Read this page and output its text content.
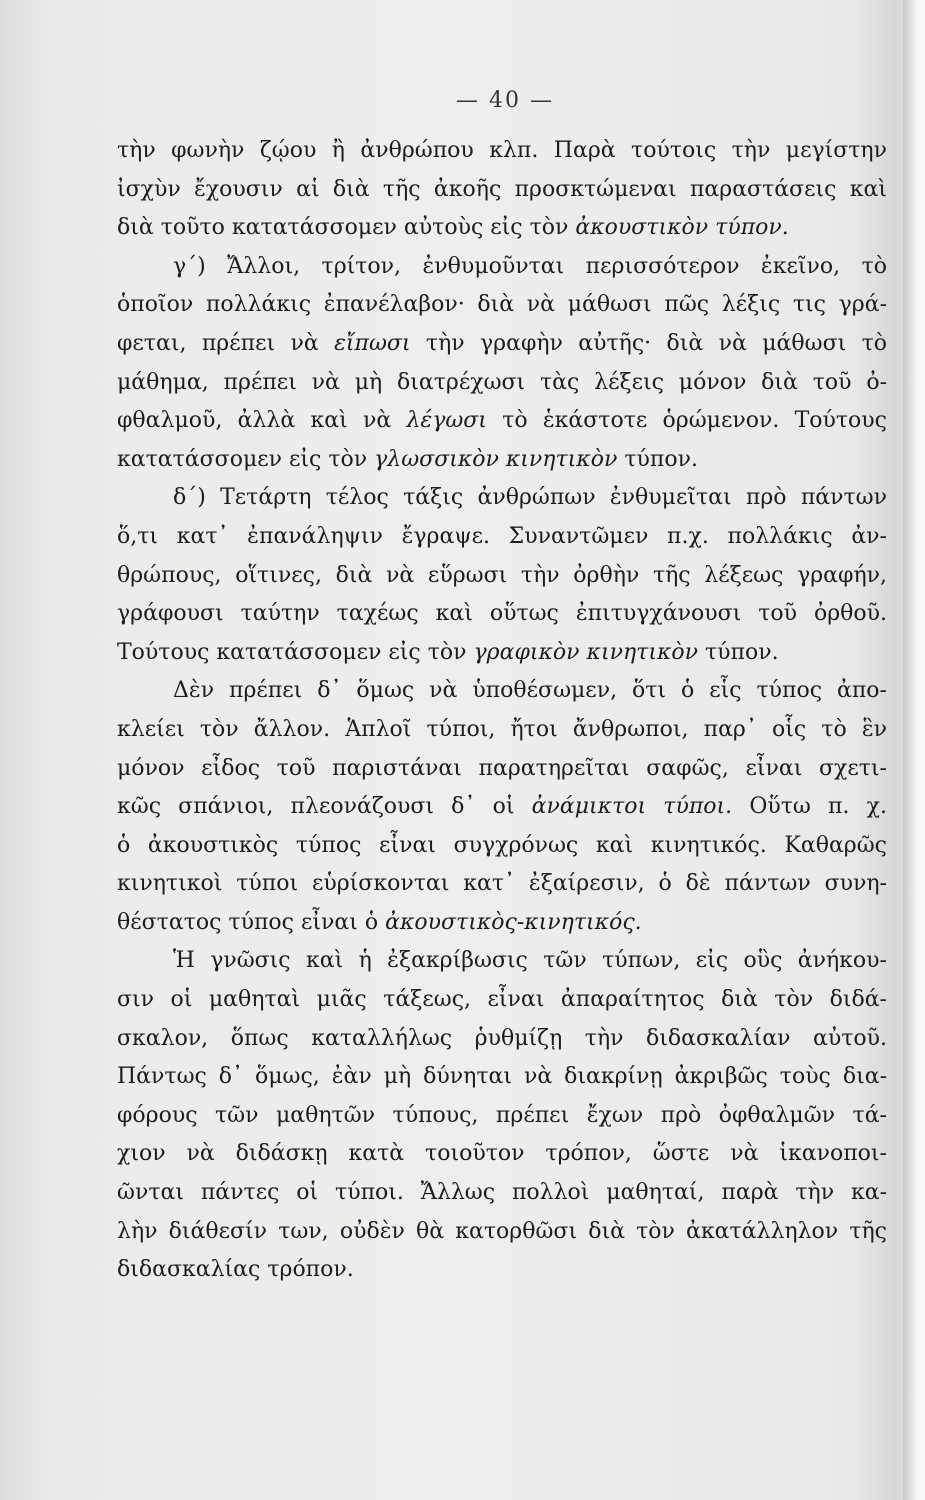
— 40 —
τὴν φωνὴν ζῴου ἢ ἀνθρώπου κλπ. Παρὰ τούτοις τὴν μεγίστην
ἰσχὺν ἔχουσιν αἱ διὰ τῆς ἀκοῆς προσκτώμεναι παραστάσεις καὶ
διὰ τοῦτο κατατάσσομεν αὐτοὺς εἰς τὸν ἀκουστικὸν τύπον.
γ΄) Ἄλλοι, τρίτον, ἐνθυμοῦνται περισσότερον ἐκεῖνο, τὸ
ὁποῖον πολλάκις ἐπανέλαβον· διὰ νὰ μάθωσι πῶς λέξις τις γρά-
φεται, πρέπει νὰ εἴπωσι τὴν γραφὴν αὐτῆς· διὰ νὰ μάθωσι τὸ
μάθημα, πρέπει νὰ μὴ διατρέχωσι τὰς λέξεις μόνον διὰ τοῦ ὀ-
φθαλμοῦ, ἀλλὰ καὶ νὰ λέγωσι τὸ ἑκάστοτε ὁρώμενον. Τούτους
κατατάσσομεν εἰς τὸν γλωσσικὸν κινητικὸν τύπον.
δ΄) Τετάρτη τέλος τάξις ἀνθρώπων ἐνθυμεῖται πρὸ πάντων
ὅ,τι κατ᾽ ἐπανάληψιν ἔγραψε. Συναντῶμεν π.χ. πολλάκις ἀν-
θρώπους, οἵτινες, διὰ νὰ εὕρωσι τὴν ὀρθὴν τῆς λέξεως γραφήν,
γράφουσι ταύτην ταχέως καὶ οὕτως ἐπιτυγχάνουσι τοῦ ὀρθοῦ.
Τούτους κατατάσσομεν εἰς τὸν γραφικὸν κινητικὸν τύπον.
Δὲν πρέπει δ᾽ ὅμως νὰ ὑποθέσωμεν, ὅτι ὁ εἷς τύπος ἀπο-
κλείει τὸν ἄλλον. Ἁπλοῖ τύποι, ἤτοι ἄνθρωποι, παρ᾽ οἷς τὸ ἓν
μόνον εἶδος τοῦ παριστάναι παρατηρεῖται σαφῶς, εἶναι σχετι-
κῶς σπάνιοι, πλεονάζουσι δ᾽ οἱ ἀνάμικτοι τύποι. Οὕτω π. χ.
ὁ ἀκουστικὸς τύπος εἶναι συγχρόνως καὶ κινητικός. Καθαρῶς
κινητικοὶ τύποι εὑρίσκονται κατ᾽ ἐξαίρεσιν, ὁ δὲ πάντων συνη-
θέστατος τύπος εἶναι ὁ ἀκουστικὸς-κινητικός.
Ἡ γνῶσις καὶ ἡ ἐξακρίβωσις τῶν τύπων, εἰς οὓς ἀνήκου-
σιν οἱ μαθηταὶ μιᾶς τάξεως, εἶναι ἀπαραίτητος διὰ τὸν διδά-
σκαλον, ὅπως καταλλήλως ῥυθμίζῃ τὴν διδασκαλίαν αὐτοῦ.
Πάντως δ᾽ ὅμως, ἐὰν μὴ δύνηται νὰ διακρίνῃ ἀκριβῶς τοὺς δια-
φόρους τῶν μαθητῶν τύπους, πρέπει ἔχων πρὸ ὀφθαλμῶν τά-
χιον νὰ διδάσκῃ κατὰ τοιοῦτον τρόπον, ὥστε νὰ ἱκανοποι-
ῶνται πάντες οἱ τύποι. Ἄλλως πολλοὶ μαθηταί, παρὰ τὴν κα-
λὴν διάθεσίν των, οὐδὲν θὰ κατορθῶσι διὰ τὸν ἀκατάλληλον τῆς
διδασκαλίας τρόπον.
